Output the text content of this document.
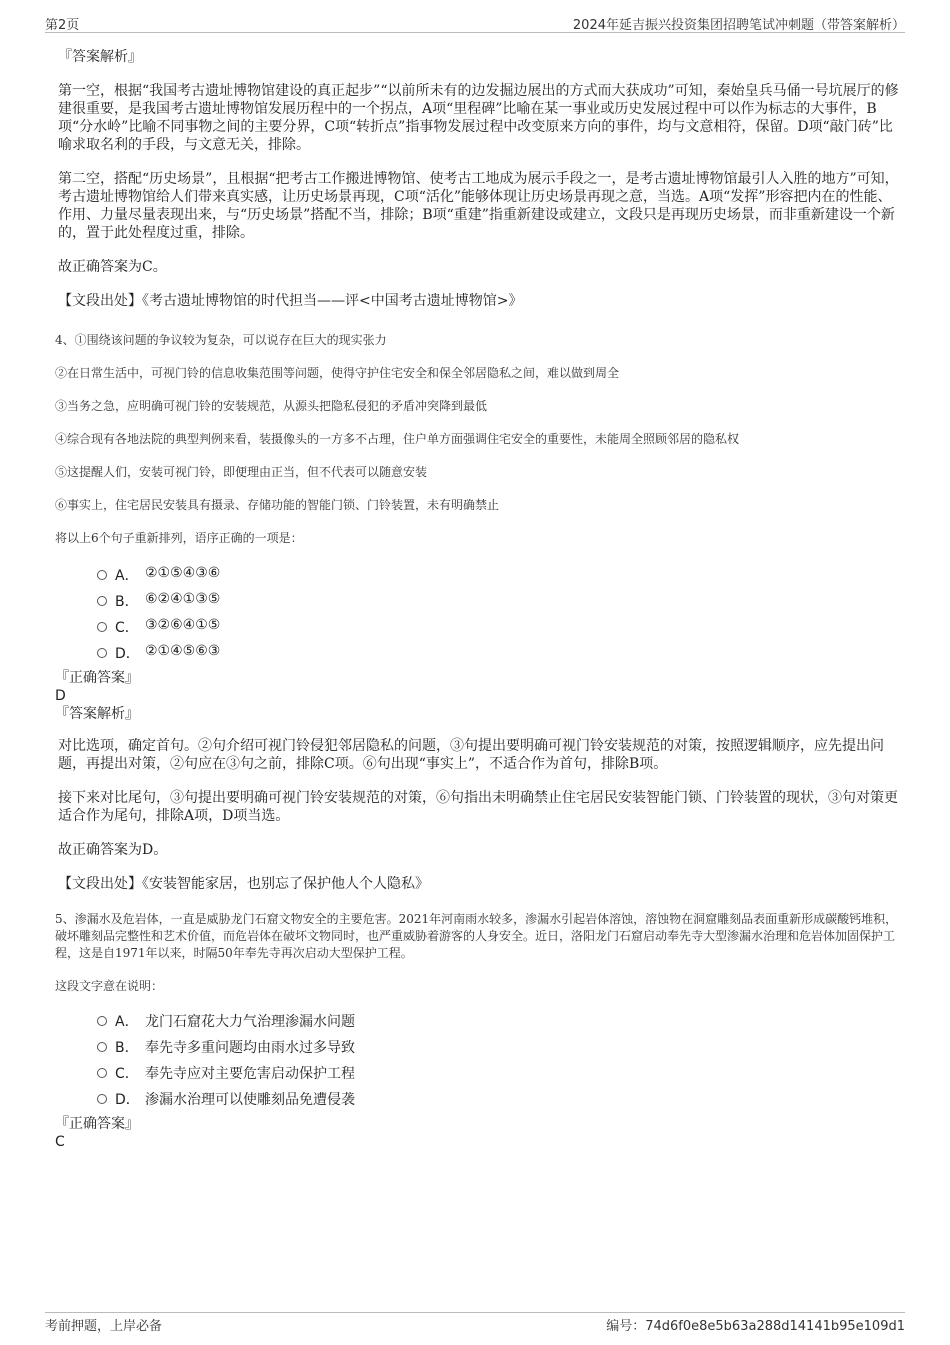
第2页	2024年延吉振兴投资集团招聘笔试冲刺题（带答案解析）

『答案解析』

第一空，根据“我国考古遗址博物馆建设的真正起步”“以前所未有的边发掘边展出的方式而大获成功”可知，秦始皇兵马俑一号坑展厅的修建很重要，是我国考古遗址博物馆发展历程中的一个拐点，A项“里程碑”比喻在某一事业或历史发展过程中可以作为标志的大事件，B项“分水岭”比喻不同事物之间的主要分界，C项“转折点”指事物发展过程中改变原来方向的事件，均与文意相符，保留。D项“敲门砖”比喻求取名利的手段，与文意无关，排除。

第二空，搭配“历史场景”，且根据“把考古工作搬进博物馆、使考古工地成为展示手段之一，是考古遗址博物馆最引人入胜的地方”可知，考古遗址博物馆给人们带来真实感，让历史场景再现，C项“活化”能够体现让历史场景再现之意，当选。A项“发挥”形容把内在的性能、作用、力量尽量表现出来，与“历史场景”搭配不当，排除；B项“重建”指重新建设或建立，文段只是再现历史场景，而非重新建设一个新的，置于此处程度过重，排除。

故正确答案为C。

【文段出处】《考古遗址博物馆的时代担当——评<中国考古遗址博物馆>》

4、①围绕该问题的争议较为复杂，可以说存在巨大的现实张力

②在日常生活中，可视门铃的信息收集范围等问题，使得守护住宅安全和保全邻居隐私之间，难以做到周全

③当务之急，应明确可视门铃的安装规范，从源头把隐私侵犯的矛盾冲突降到最低

④综合现有各地法院的典型判例来看，装摄像头的一方多不占理，住户单方面强调住宅安全的重要性，未能周全照顾邻居的隐私权

⑤这提醒人们，安装可视门铃，即便理由正当，但不代表可以随意安装

⑥事实上，住宅居民安装具有摄录、存储功能的智能门锁、门铃装置，未有明确禁止

将以上6个句子重新排列，语序正确的一项是：

A． ②①⑤④③⑥
B． ⑥②④①③⑤
C． ③②⑥④①⑤
D． ②①④⑤⑥③

『正确答案』

D

『答案解析』

对比选项，确定首句。②句介绍可视门铃侵犯邻居隐私的问题，③句提出要明确可视门铃安装规范的对策，按照逻辑顺序，应先提出问题，再提出对策，②句应在③句之前，排除C项。⑥句出现“事实上”，不适合作为首句，排除B项。

接下来对比尾句，③句提出要明确可视门铃安装规范的对策，⑥句指出未明确禁止住宅居民安装智能门锁、门铃装置的现状，③句对策更适合作为尾句，排除A项，D项当选。

故正确答案为D。

【文段出处】《安装智能家居，也别忘了保护他人个人隐私》

5、渗漏水及危岩体，一直是威胁龙门石窟文物安全的主要危害。2021年河南雨水较多，渗漏水引起岩体溶蚀，溶蚀物在洞窟雕刻品表面重新形成碳酸钙堆积，破坏雕刻品完整性和艺术价值，而危岩体在破坏文物同时，也严重威胁着游客的人身安全。近日，洛阳龙门石窟启动奉先寺大型渗漏水治理和危岩体加固保护工程，这是自1971年以来，时隔50年奉先寺再次启动大型保护工程。

这段文字意在说明：

A． 龙门石窟花大力气治理渗漏水问题
B． 奉先寺多重问题均由雨水过多导致
C． 奉先寺应对主要危害启动保护工程
D． 渗漏水治理可以使雕刻品免遭侵袭

『正确答案』

C

考前押题，上岸必备	编号：74d6f0e8e5b63a288d14141b95e109d1
